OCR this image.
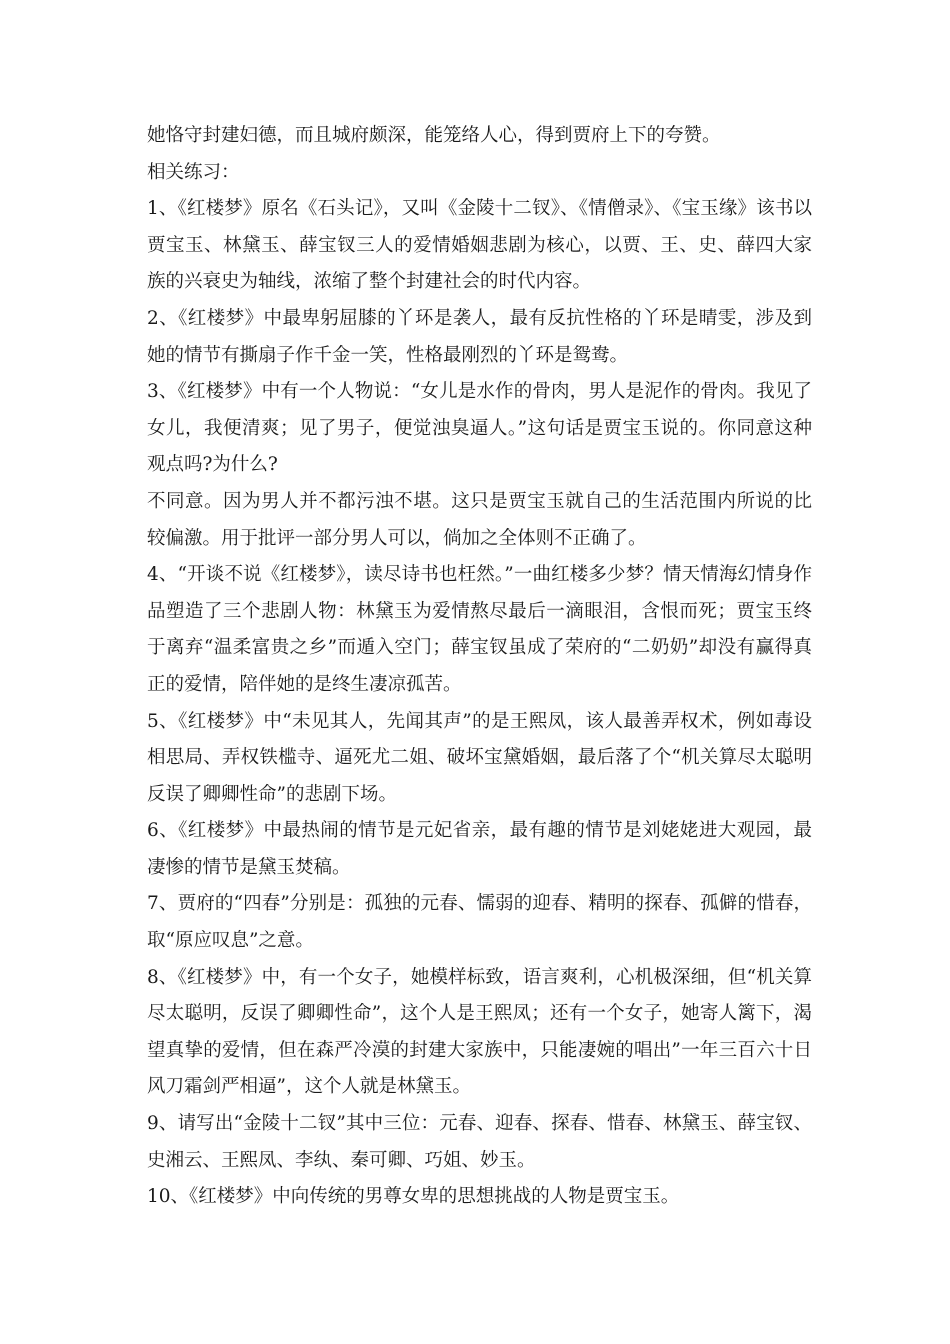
她恪守封建妇德，而且城府颇深，能笼络人心，得到贾府上下的夸赞。

相关练习：

1、《红楼梦》原名《石头记》，又叫《金陵十二钗》、《情僧录》、《宝玉缘》该书以贾宝玉、林黛玉、薛宝钗三人的爱情婚姻悲剧为核心，以贾、王、史、薛四大家族的兴衰史为轴线，浓缩了整个封建社会的时代内容。

2、《红楼梦》中最卑躬屈膝的丫环是袭人，最有反抗性格的丫环是晴雯，涉及到她的情节有撕扇子作千金一笑，性格最刚烈的丫环是鸳鸯。

3、《红楼梦》中有一个人物说：“女儿是水作的骨肉，男人是泥作的骨肉。我见了女儿，我便清爽；见了男子，便觉浊臭逼人。”这句话是贾宝玉说的。你同意这种观点吗?为什么?

不同意。因为男人并不都污浊不堪。这只是贾宝玉就自己的生活范围内所说的比较偏激。用于批评一部分男人可以，倘加之全体则不正确了。

4、“开谈不说《红楼梦》，读尽诗书也枉然。”一曲红楼多少梦？情天情海幻情身作品塑造了三个悲剧人物：林黛玉为爱情熬尽最后一滴眼泪，含恨而死；贾宝玉终于离弃“温柔富贵之乡”而遁入空门；薛宝钗虽成了荣府的“二奶奶”却没有赢得真正的爱情，陪伴她的是终生凄凉孤苦。

5、《红楼梦》中“未见其人，先闻其声”的是王熙凤，该人最善弄权术，例如毒设相思局、弄权铁槛寺、逼死尤二姐、破坏宝黛婚姻，最后落了个“机关算尽太聪明反误了卿卿性命”的悲剧下场。

6、《红楼梦》中最热闹的情节是元妃省亲，最有趣的情节是刘姥姥进大观园，最凄惨的情节是黛玉焚稿。

7、贾府的“四春”分别是：孤独的元春、懦弱的迎春、精明的探春、孤僻的惜春，取“原应叹息”之意。

8、《红楼梦》中，有一个女子，她模样标致，语言爽利，心机极深细，但“机关算尽太聪明，反误了卿卿性命”，这个人是王熙凤；还有一个女子，她寄人篱下，渴望真挚的爱情，但在森严冷漠的封建大家族中，只能凄婉的唱出”一年三百六十日风刀霜剑严相逼”，这个人就是林黛玉。

9、请写出“金陵十二钗”其中三位：元春、迎春、探春、惜春、林黛玉、薛宝钗、史湘云、王熙凤、李纨、秦可卿、巧姐、妙玉。

10、《红楼梦》中向传统的男尊女卑的思想挑战的人物是贾宝玉。
